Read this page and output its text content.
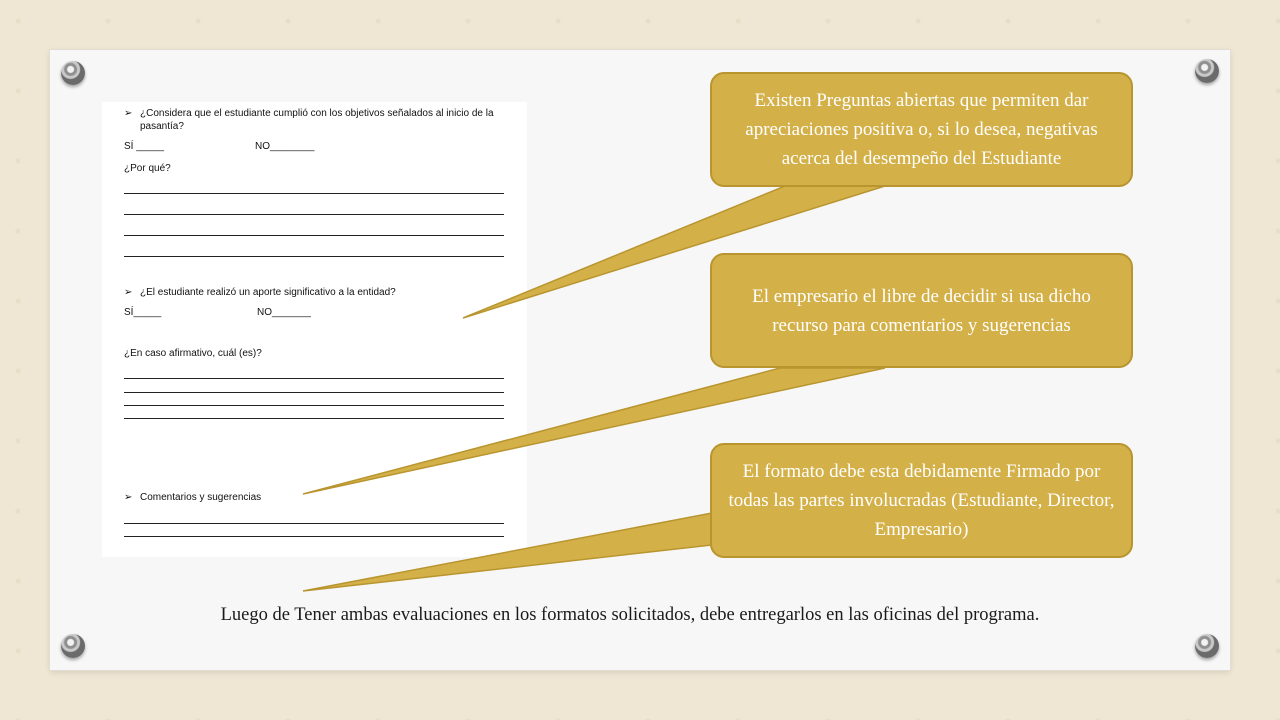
➢ ¿Considera que el estudiante cumplió con los objetivos señalados al inicio de la pasantía?
SÍ _____	NO________
¿Por qué?
➢ ¿El estudiante realizó un aporte significativo a la entidad?
SÍ_____	NO_______
¿En caso afirmativo, cuál (es)?
➢ Comentarios y sugerencias
Existen Preguntas abiertas que permiten dar apreciaciones positiva o, si lo desea, negativas acerca del desempeño del Estudiante
El empresario el libre de decidir si usa dicho recurso para comentarios y sugerencias
El formato debe esta debidamente Firmado por todas las partes involucradas (Estudiante, Director, Empresario)
Luego de Tener ambas evaluaciones en los formatos solicitados, debe entregarlos en las oficinas del programa.
